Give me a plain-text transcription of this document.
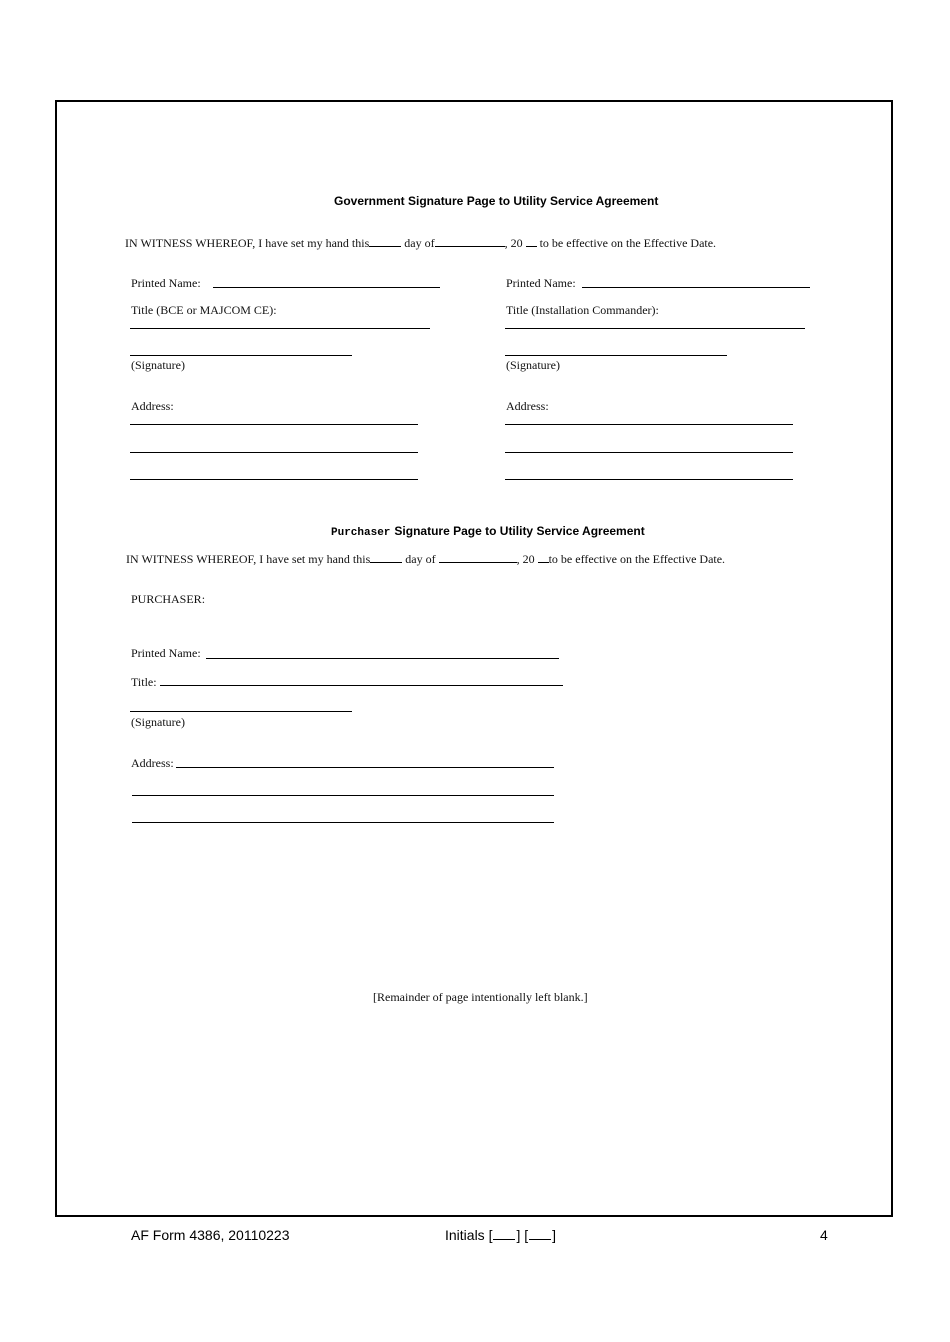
Government Signature Page to Utility Service Agreement
IN WITNESS WHEREOF, I have set my hand this	day of	, 20 to be effective on the Effective Date.
Printed Name:
Title (BCE or MAJCOM CE):
(Signature)
Address:
Printed Name:
Title (Installation Commander):
(Signature)
Address:
Purchaser Signature Page to Utility Service Agreement
IN WITNESS WHEREOF, I have set my hand this	day of	, 20 to be effective on the Effective Date.
PURCHASER:
Printed Name:
Title:
(Signature)
Address:
[Remainder of page intentionally left blank.]
AF Form 4386, 20110223	Initials [ ] [ ]	4
